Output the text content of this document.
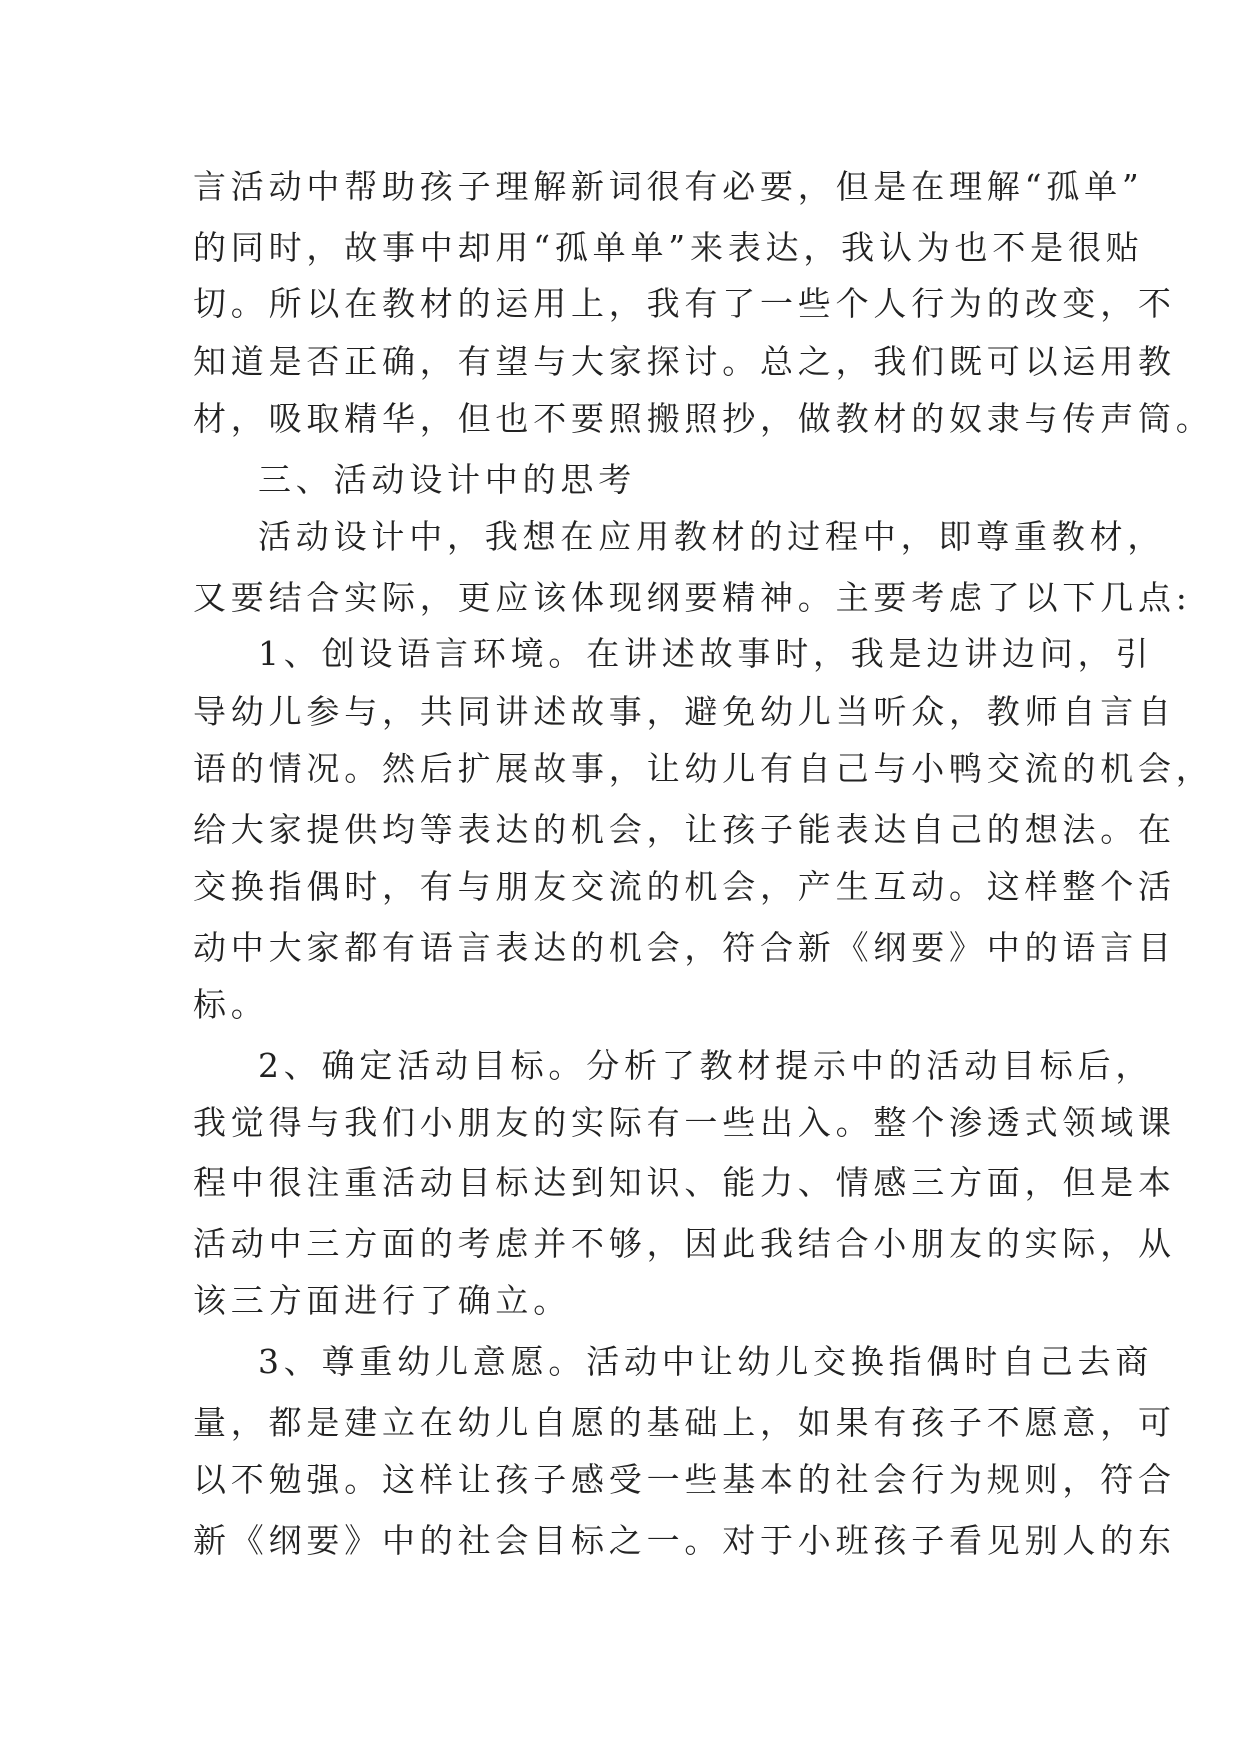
言活动中帮助孩子理解新词很有必要，但是在理解“孤单”
的同时，故事中却用“孤单单”来表达，我认为也不是很贴
切。所以在教材的运用上，我有了一些个人行为的改变，不
知道是否正确，有望与大家探讨。总之，我们既可以运用教
材，吸取精华，但也不要照搬照抄，做教材的奴隶与传声筒。
三、活动设计中的思考
活动设计中，我想在应用教材的过程中，即尊重教材，
又要结合实际，更应该体现纲要精神。主要考虑了以下几点:
1、创设语言环境。在讲述故事时，我是边讲边问，引
导幼儿参与，共同讲述故事，避免幼儿当听众，教师自言自
语的情况。然后扩展故事，让幼儿有自己与小鸭交流的机会，
给大家提供均等表达的机会，让孩子能表达自己的想法。在
交换指偶时，有与朋友交流的机会，产生互动。这样整个活
动中大家都有语言表达的机会，符合新《纲要》中的语言目
标。
2、确定活动目标。分析了教材提示中的活动目标后，
我觉得与我们小朋友的实际有一些出入。整个渗透式领域课
程中很注重活动目标达到知识、能力、情感三方面，但是本
活动中三方面的考虑并不够，因此我结合小朋友的实际，从
该三方面进行了确立。
3、尊重幼儿意愿。活动中让幼儿交换指偶时自己去商
量，都是建立在幼儿自愿的基础上，如果有孩子不愿意，可
以不勉强。这样让孩子感受一些基本的社会行为规则，符合
新《纲要》中的社会目标之一。对于小班孩子看见别人的东
